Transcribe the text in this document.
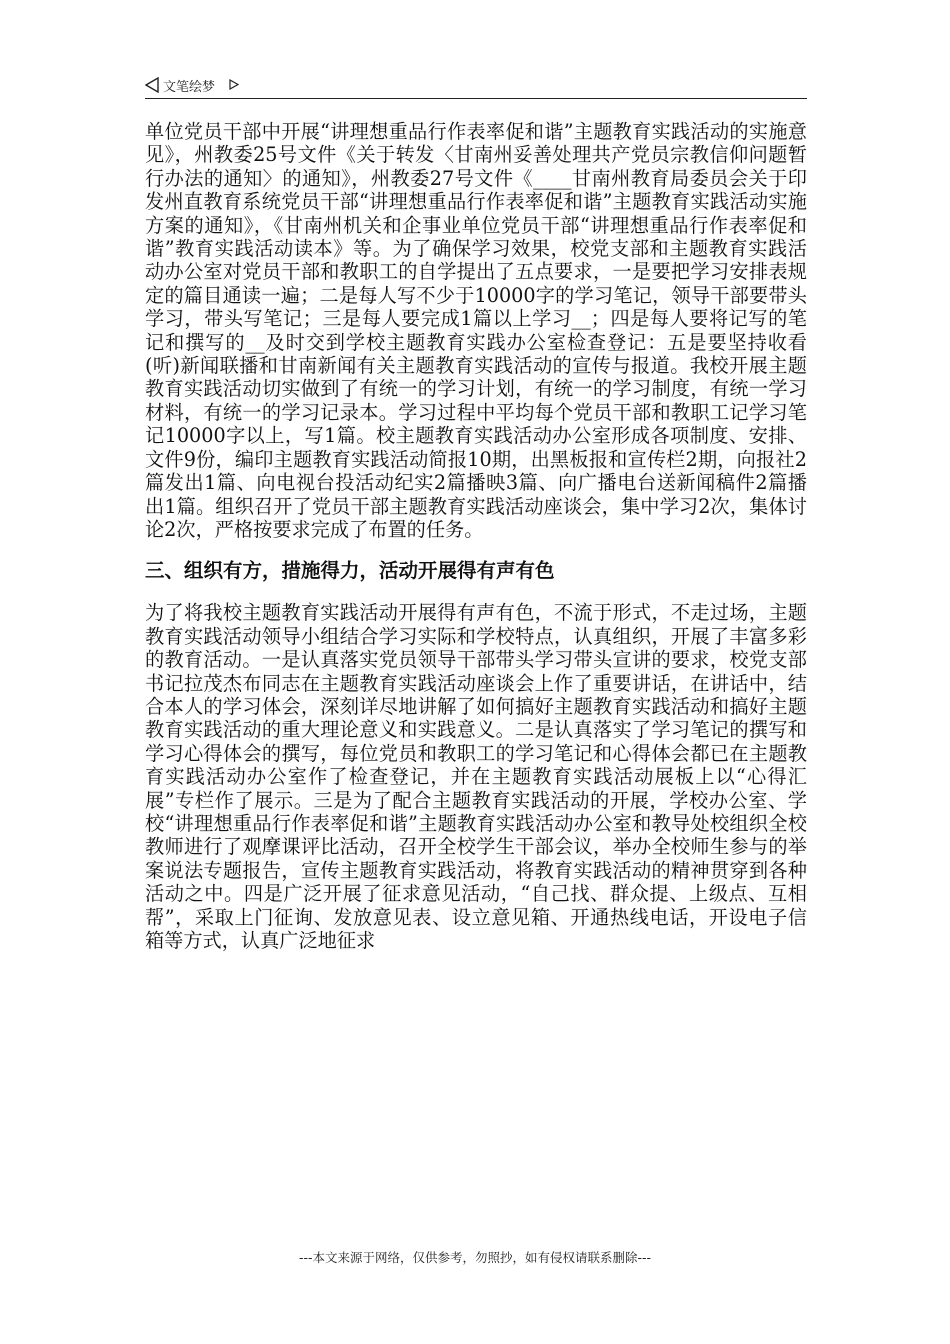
文笔绘梦

单位党员干部中开展“讲理想重品行作表率促和谐”主题教育实践活动的实施意见》，州教委25号文件《关于转发〈甘南州妥善处理共产党员宗教信仰问题暂行办法的通知〉的通知》，州教委27号文件《____甘南州教育局委员会关于印发州直教育系统党员干部“讲理想重品行作表率促和谐”主题教育实践活动实施方案的通知》，《甘南州机关和企事业单位党员干部“讲理想重品行作表率促和谐”教育实践活动读本》等。为了确保学习效果，校党支部和主题教育实践活动办公室对党员干部和教职工的自学提出了五点要求，一是要把学习安排表规定的篇目通读一遍；二是每人写不少于10000字的学习笔记，领导干部要带头学习，带头写笔记；三是每人要完成1篇以上学习__；四是每人要将记写的笔记和撰写的__及时交到学校主题教育实践办公室检查登记：五是要坚持收看(听)新闻联播和甘南新闻有关主题教育实践活动的宣传与报道。我校开展主题教育实践活动切实做到了有统一的学习计划，有统一的学习制度，有统一学习材料，有统一的学习记录本。学习过程中平均每个党员干部和教职工记学习笔记10000字以上，写1篇。校主题教育实践活动办公室形成各项制度、安排、文件9份，编印主题教育实践活动简报10期，出黑板报和宣传栏2期，向报社2篇发出1篇、向电视台投活动纪实2篇播映3篇、向广播电台送新闻稿件2篇播出1篇。组织召开了党员干部主题教育实践活动座谈会，集中学习2次，集体讨论2次，严格按要求完成了布置的任务。

三、组织有方，措施得力，活动开展得有声有色

为了将我校主题教育实践活动开展得有声有色，不流于形式，不走过场，主题教育实践活动领导小组结合学习实际和学校特点，认真组织，开展了丰富多彩的教育活动。一是认真落实党员领导干部带头学习带头宣讲的要求，校党支部书记拉茂杰布同志在主题教育实践活动座谈会上作了重要讲话，在讲话中，结合本人的学习体会，深刻详尽地讲解了如何搞好主题教育实践活动和搞好主题教育实践活动的重大理论意义和实践意义。二是认真落实了学习笔记的撰写和学习心得体会的撰写，每位党员和教职工的学习笔记和心得体会都已在主题教育实践活动办公室作了检查登记，并在主题教育实践活动展板上以“心得汇展”专栏作了展示。三是为了配合主题教育实践活动的开展，学校办公室、学校“讲理想重品行作表率促和谐”主题教育实践活动办公室和教导处校组织全校教师进行了观摩课评比活动，召开全校学生干部会议，举办全校师生参与的举案说法专题报告，宣传主题教育实践活动，将教育实践活动的精神贯穿到各种活动之中。四是广泛开展了征求意见活动，“自己找、群众提、上级点、互相帮”，采取上门征询、发放意见表、设立意见箱、开通热线电话，开设电子信箱等方式，认真广泛地征求

---本文来源于网络，仅供参考，勿照抄，如有侵权请联系删除---
